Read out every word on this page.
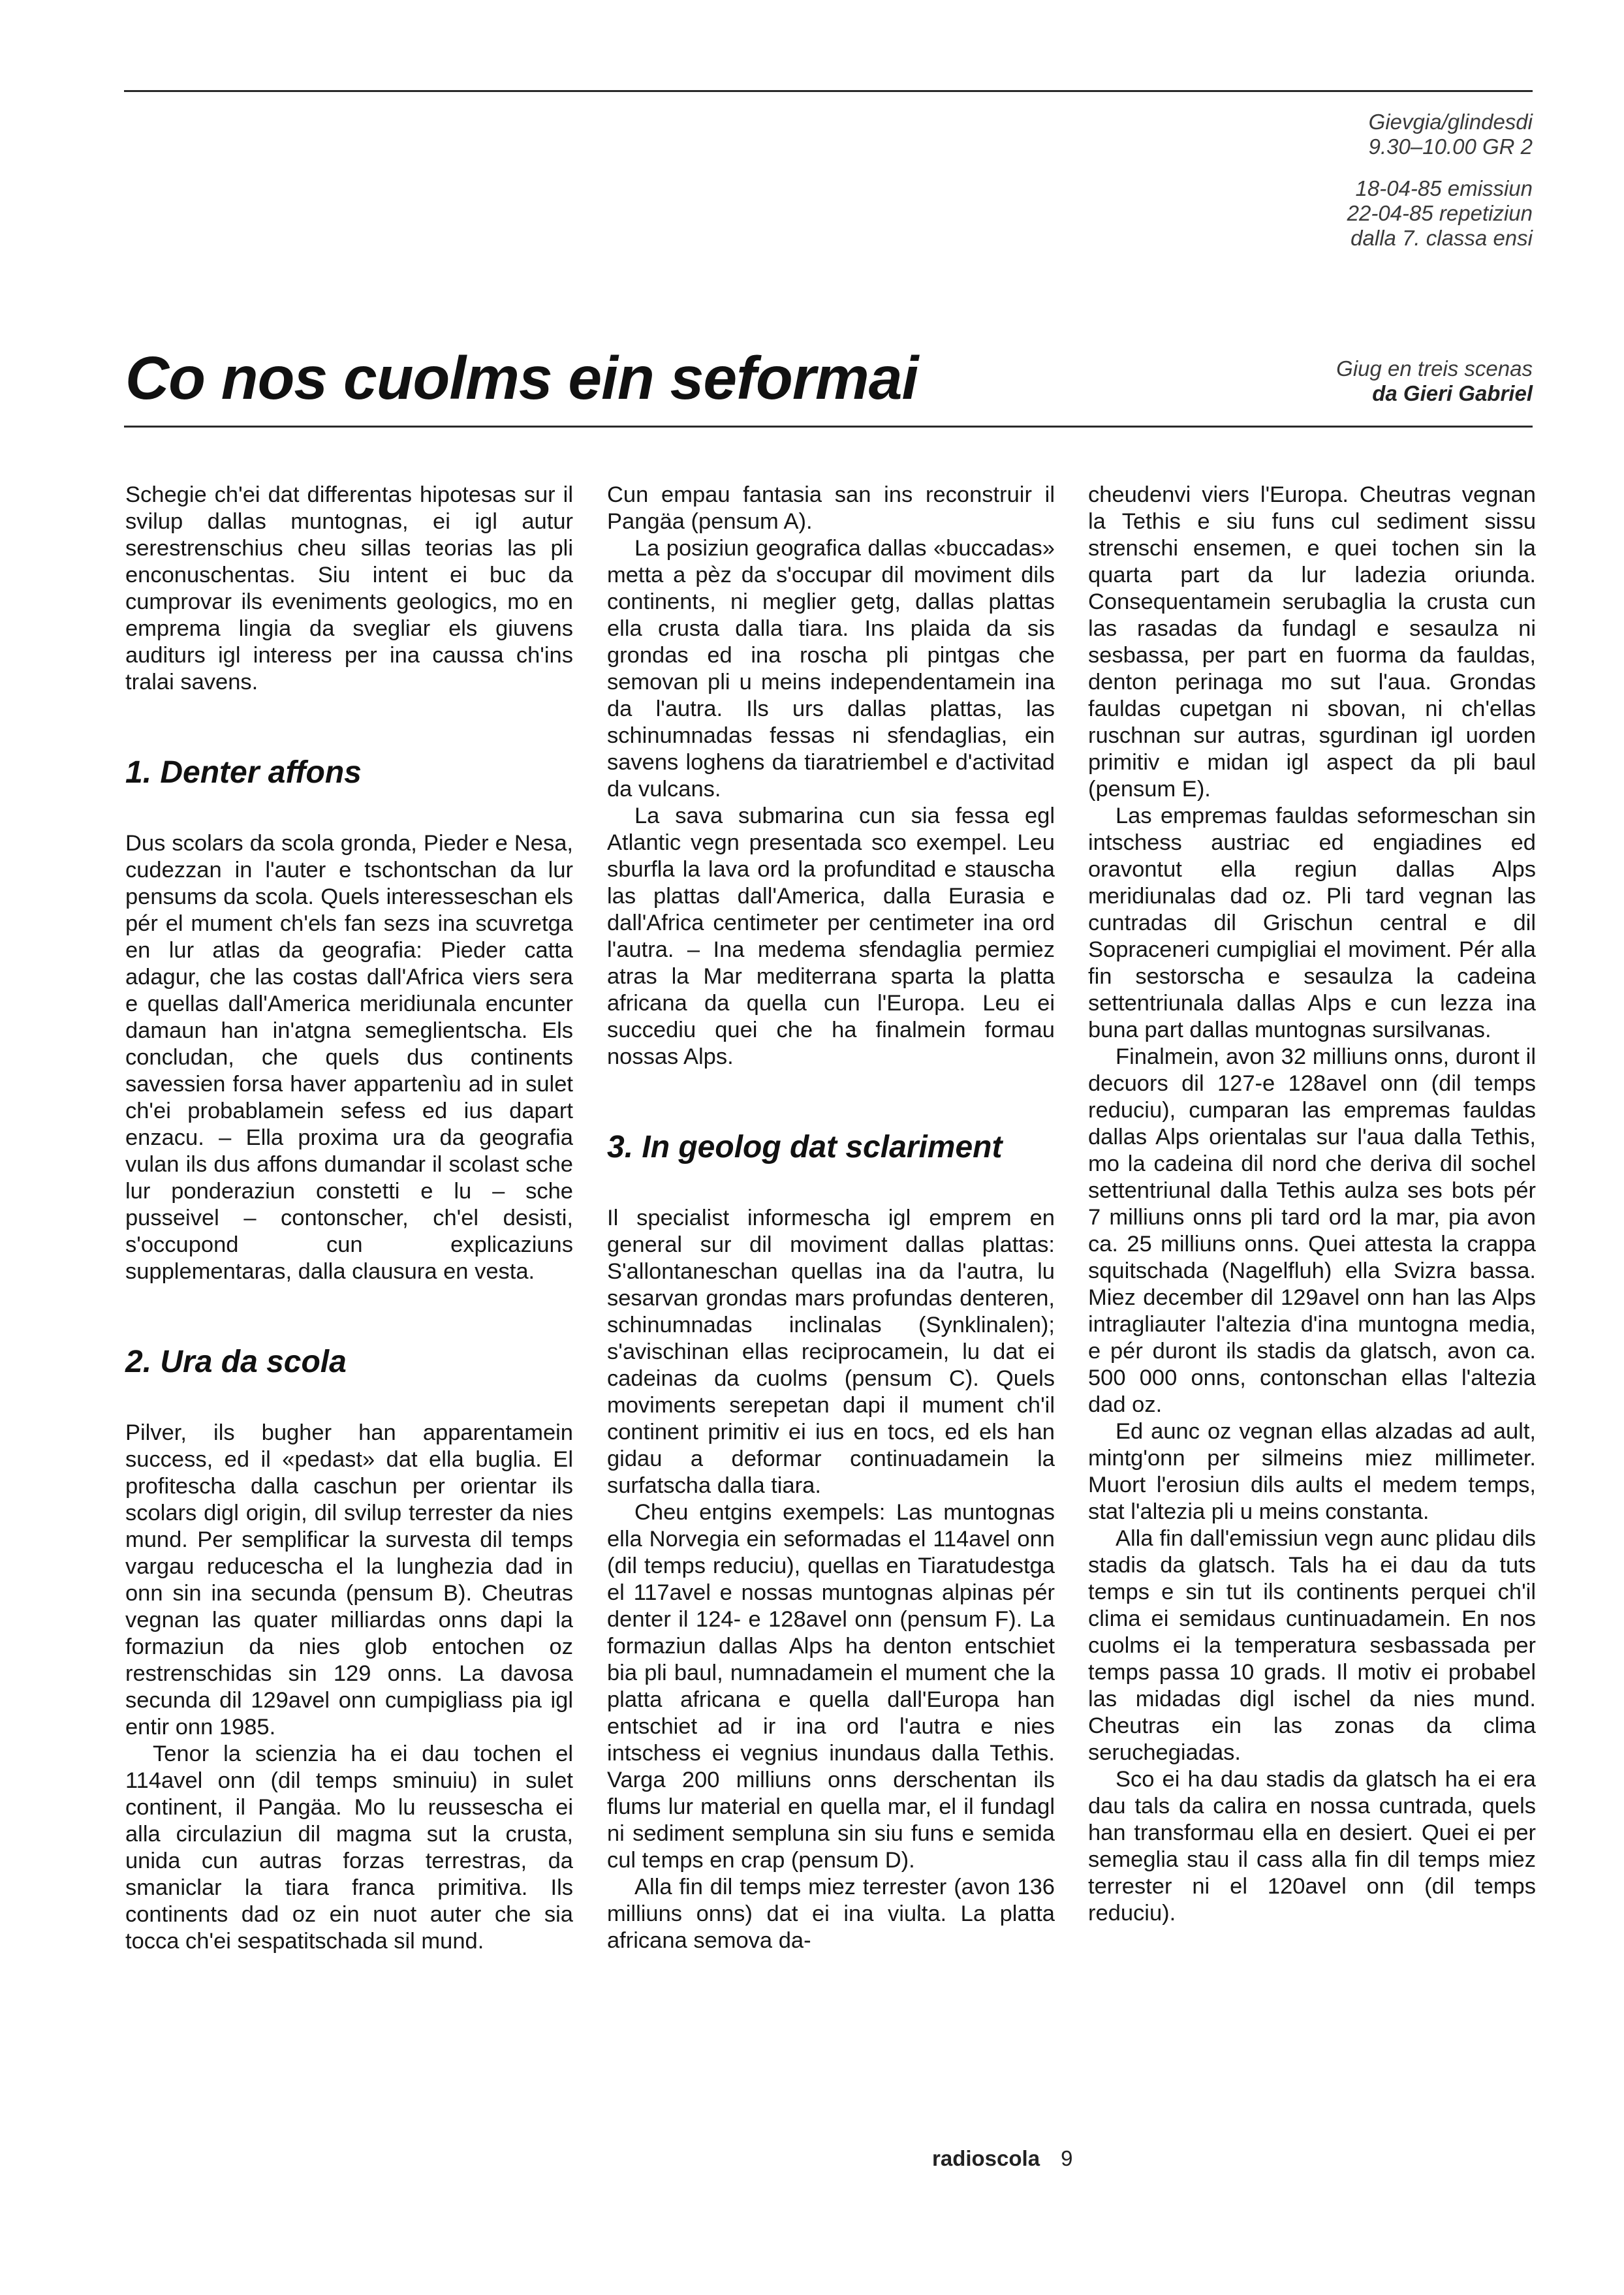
Gievgia/glindesdi
9.30–10.00 GR 2
18-04-85 emissiun
22-04-85 repetiziun
dalla 7. classa ensi
Co nos cuolms ein seformai	Giug en treis scenas
da Gieri Gabriel

Schegie ch'ei dat differentas hipotesas sur il svilup dallas muntognas, ei igl autur serestrenschius cheu sillas teorias las pli enconuschentas. Siu intent ei buc da cumprovar ils eveniments geologics, mo en emprema lingia da svegliar els giuvens auditurs igl interess per ina caussa ch'ins tralai savens.

1. Denter affons

Dus scolars da scola gronda, Pieder e Nesa, cudezzan in l'auter e tschontschan da lur pensums da scola. Quels interesseschan els pér el mument ch'els fan sezs ina scuvretga en lur atlas da geografia: Pieder catta adagur, che las costas dall'Africa viers sera e quellas dall'America meridiunala encunter damaun han in'atgna semeglientscha. Els concludan, che quels dus continents savessien forsa haver appartenìu ad in sulet ch'ei probablamein sefess ed ius dapart enzacu. – Ella proxima ura da geografia vulan ils dus affons dumandar il scolast sche lur ponderaziun constetti e lu – sche pusseivel – contonscher, ch'el desisti, s'occupond cun explicaziuns supplementaras, dalla clausura en vesta.

2. Ura da scola

Pilver, ils bugher han apparentamein success, ed il «pedast» dat ella buglia. El profitescha dalla caschun per orientar ils scolars digl origin, dil svilup terrester da nies mund. Per semplificar la survesta dil temps vargau reducescha el la lunghezia dad in onn sin ina secunda (pensum B). Cheutras vegnan las quater milliardas onns dapi la formaziun da nies glob entochen oz restrenschidas sin 129 onns. La davosa secunda dil 129avel onn cumpigliass pia igl entir onn 1985.

Tenor la scienzia ha ei dau tochen el 114avel onn (dil temps sminuiu) in sulet continent, il Pangäa. Mo lu reussescha ei alla circulaziun dil magma sut la crusta, unida cun autras forzas terrestras, da smaniclar la tiara franca primitiva. Ils continents dad oz ein nuot auter che sia tocca ch'ei sespatitschada sil mund.

Cun empau fantasia san ins reconstruir il Pangäa (pensum A).

La posiziun geografica dallas «buccadas» metta a pèz da s'occupar dil moviment dils continents, ni meglier getg, dallas plattas ella crusta dalla tiara. Ins plaida da sis grondas ed ina roscha pli pintgas che semovan pli u meins independentamein ina da l'autra. Ils urs dallas plattas, las schinumnadas fessas ni sfendaglias, ein savens loghens da tiaratriembel e d'activitad da vulcans.

La sava submarina cun sia fessa egl Atlantic vegn presentada sco exempel. Leu sburfla la lava ord la profunditad e stauscha las plattas dall'America, dalla Eurasia e dall'Africa centimeter per centimeter ina ord l'autra. – Ina medema sfendaglia permiez atras la Mar mediterrana sparta la platta africana da quella cun l'Europa. Leu ei succediu quei che ha finalmein formau nossas Alps.

3. In geolog dat sclariment

Il specialist informescha igl emprem en general sur dil moviment dallas plattas: S'allontaneschan quellas ina da l'autra, lu sesarvan grondas mars profundas denteren, schinumnadas inclinalas (Synklinalen); s'avischinan ellas reciprocamein, lu dat ei cadeinas da cuolms (pensum C). Quels moviments serepetan dapi il mument ch'il continent primitiv ei ius en tocs, ed els han gidau a deformar continuadamein la surfatscha dalla tiara.

Cheu entgins exempels: Las muntognas ella Norvegia ein seformadas el 114avel onn (dil temps reduciu), quellas en Tiaratudestga el 117avel e nossas muntognas alpinas pér denter il 124- e 128avel onn (pensum F). La formaziun dallas Alps ha denton entschiet bia pli baul, numnadamein el mument che la platta africana e quella dall'Europa han entschiet ad ir ina ord l'autra e nies intschess ei vegnius inundaus dalla Tethis. Varga 200 milliuns onns derschentan ils flums lur material en quella mar, el il fundagl ni sediment sempluna sin siu funs e semida cul temps en crap (pensum D).

Alla fin dil temps miez terrester (avon 136 milliuns onns) dat ei ina viulta. La platta africana semova da-

cheudenvi viers l'Europa. Cheutras vegnan la Tethis e siu funs cul sediment sissu strenschi ensemen, e quei tochen sin la quarta part da lur ladezia oriunda. Consequentamein serubaglia la crusta cun las rasadas da fundagl e sesaulza ni sesbassa, per part en fuorma da fauldas, denton perinaga mo sut l'aua. Grondas fauldas cupetgan ni sbovan, ni ch'ellas ruschnan sur autras, sgurdinan igl uorden primitiv e midan igl aspect da pli baul (pensum E).

Las empremas fauldas seformeschan sin intschess austriac ed engiadines ed oravontut ella regiun dallas Alps meridiunalas dad oz. Pli tard vegnan las cuntradas dil Grischun central e dil Sopraceneri cumpigliai el moviment. Pér alla fin sestorscha e sesaulza la cadeina settentriunala dallas Alps e cun lezza ina buna part dallas muntognas sursilvanas.

Finalmein, avon 32 milliuns onns, duront il decuors dil 127-e 128avel onn (dil temps reduciu), cumparan las empremas fauldas dallas Alps orientalas sur l'aua dalla Tethis, mo la cadeina dil nord che deriva dil sochel settentriunal dalla Tethis aulza ses bots pér 7 milliuns onns pli tard ord la mar, pia avon ca. 25 milliuns onns. Quei attesta la crappa squitschada (Nagelfluh) ella Svizra bassa. Miez december dil 129avel onn han las Alps intragliauter l'altezia d'ina muntogna media, e pér duront ils stadis da glatsch, avon ca. 500 000 onns, contonschan ellas l'altezia dad oz.

Ed aunc oz vegnan ellas alzadas ad ault, mintg'onn per silmeins miez millimeter. Muort l'erosiun dils aults el medem temps, stat l'altezia pli u meins constanta.

Alla fin dall'emissiun vegn aunc plidau dils stadis da glatsch. Tals ha ei dau da tuts temps e sin tut ils continents perquei ch'il clima ei semidaus cuntinuadamein. En nos cuolms ei la temperatura sesbassada per temps passa 10 grads. Il motiv ei probabel las midadas digl ischel da nies mund. Cheutras ein las zonas da clima seruchegiadas.

Sco ei ha dau stadis da glatsch ha ei era dau tals da calira en nossa cuntrada, quels han transformau ella en desiert. Quei ei per semeglia stau il cass alla fin dil temps miez terrester ni el 120avel onn (dil temps reduciu).

radioscola 9
